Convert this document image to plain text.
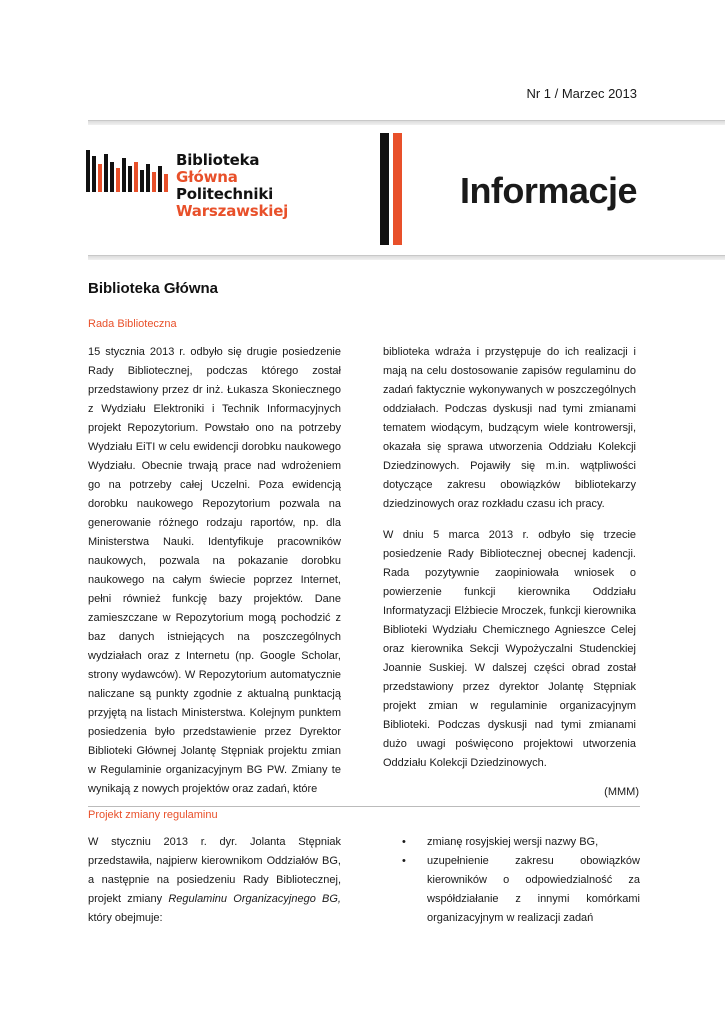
Nr 1 / Marzec 2013
Biblioteka
Główna
Politechniki
Warszawskiej	Informacje
Biblioteka Główna
Rada Biblioteczna

15 stycznia 2013 r. odbyło się drugie posiedzenie Rady Bibliotecznej, podczas którego został przedstawiony przez dr inż. Łukasza Skoniecznego z Wydziału Elektroniki i Technik Informacyjnych projekt Repozytorium. Powstało ono na potrzeby Wydziału EiTI w celu ewidencji dorobku naukowego Wydziału. Obecnie trwają prace nad wdrożeniem go na potrzeby całej Uczelni. Poza ewidencją dorobku naukowego Repozytorium pozwala na generowanie różnego rodzaju raportów, np. dla Ministerstwa Nauki. Identyfikuje pracowników naukowych, pozwala na pokazanie dorobku naukowego na całym świecie poprzez Internet, pełni również funkcję bazy projektów. Dane zamieszczane w Repozytorium mogą pochodzić z baz danych istniejących na poszczególnych wydziałach oraz z Internetu (np. Google Scholar, strony wydawców). W Repozytorium automatycznie naliczane są punkty zgodnie z aktualną punktacją przyjętą na listach Ministerstwa. Kolejnym punktem posiedzenia było przedstawienie przez Dyrektor Biblioteki Głównej Jolantę Stępniak projektu zmian w Regulaminie organizacyjnym BG PW. Zmiany te wynikają z nowych projektów oraz zadań, które

biblioteka wdraża i przystępuje do ich realizacji i mają na celu dostosowanie zapisów regulaminu do zadań faktycznie wykonywanych w poszczególnych oddziałach. Podczas dyskusji nad tymi zmianami tematem wiodącym, budzącym wiele kontrowersji, okazała się sprawa utworzenia Oddziału Kolekcji Dziedzinowych. Pojawiły się m.in. wątpliwości dotyczące zakresu obowiązków bibliotekarzy dziedzinowych oraz rozkładu czasu ich pracy.

W dniu 5 marca 2013 r. odbyło się trzecie posiedzenie Rady Bibliotecznej obecnej kadencji. Rada pozytywnie zaopiniowała wniosek o powierzenie funkcji kierownika Oddziału Informatyzacji Elżbiecie Mroczek, funkcji kierownika Biblioteki Wydziału Chemicznego Agnieszce Celej oraz kierownika Sekcji Wypożyczalni Studenckiej Joannie Suskiej. W dalszej części obrad został przedstawiony przez dyrektor Jolantę Stępniak projekt zmian w regulaminie organizacyjnym Biblioteki. Podczas dyskusji nad tymi zmianami dużo uwagi poświęcono projektowi utworzenia Oddziału Kolekcji Dziedzinowych.

(MMM)
Projekt zmiany regulaminu

W styczniu 2013 r. dyr. Jolanta Stępniak przedstawiła, najpierw kierownikom Oddziałów BG, a następnie na posiedzeniu Rady Bibliotecznej, projekt zmiany Regulaminu Organizacyjnego BG, który obejmuje:

• zmianę rosyjskiej wersji nazwy BG,
• uzupełnienie zakresu obowiązków kierowników o odpowiedzialność za współdziałanie z innymi komórkami organizacyjnym w realizacji zadań
